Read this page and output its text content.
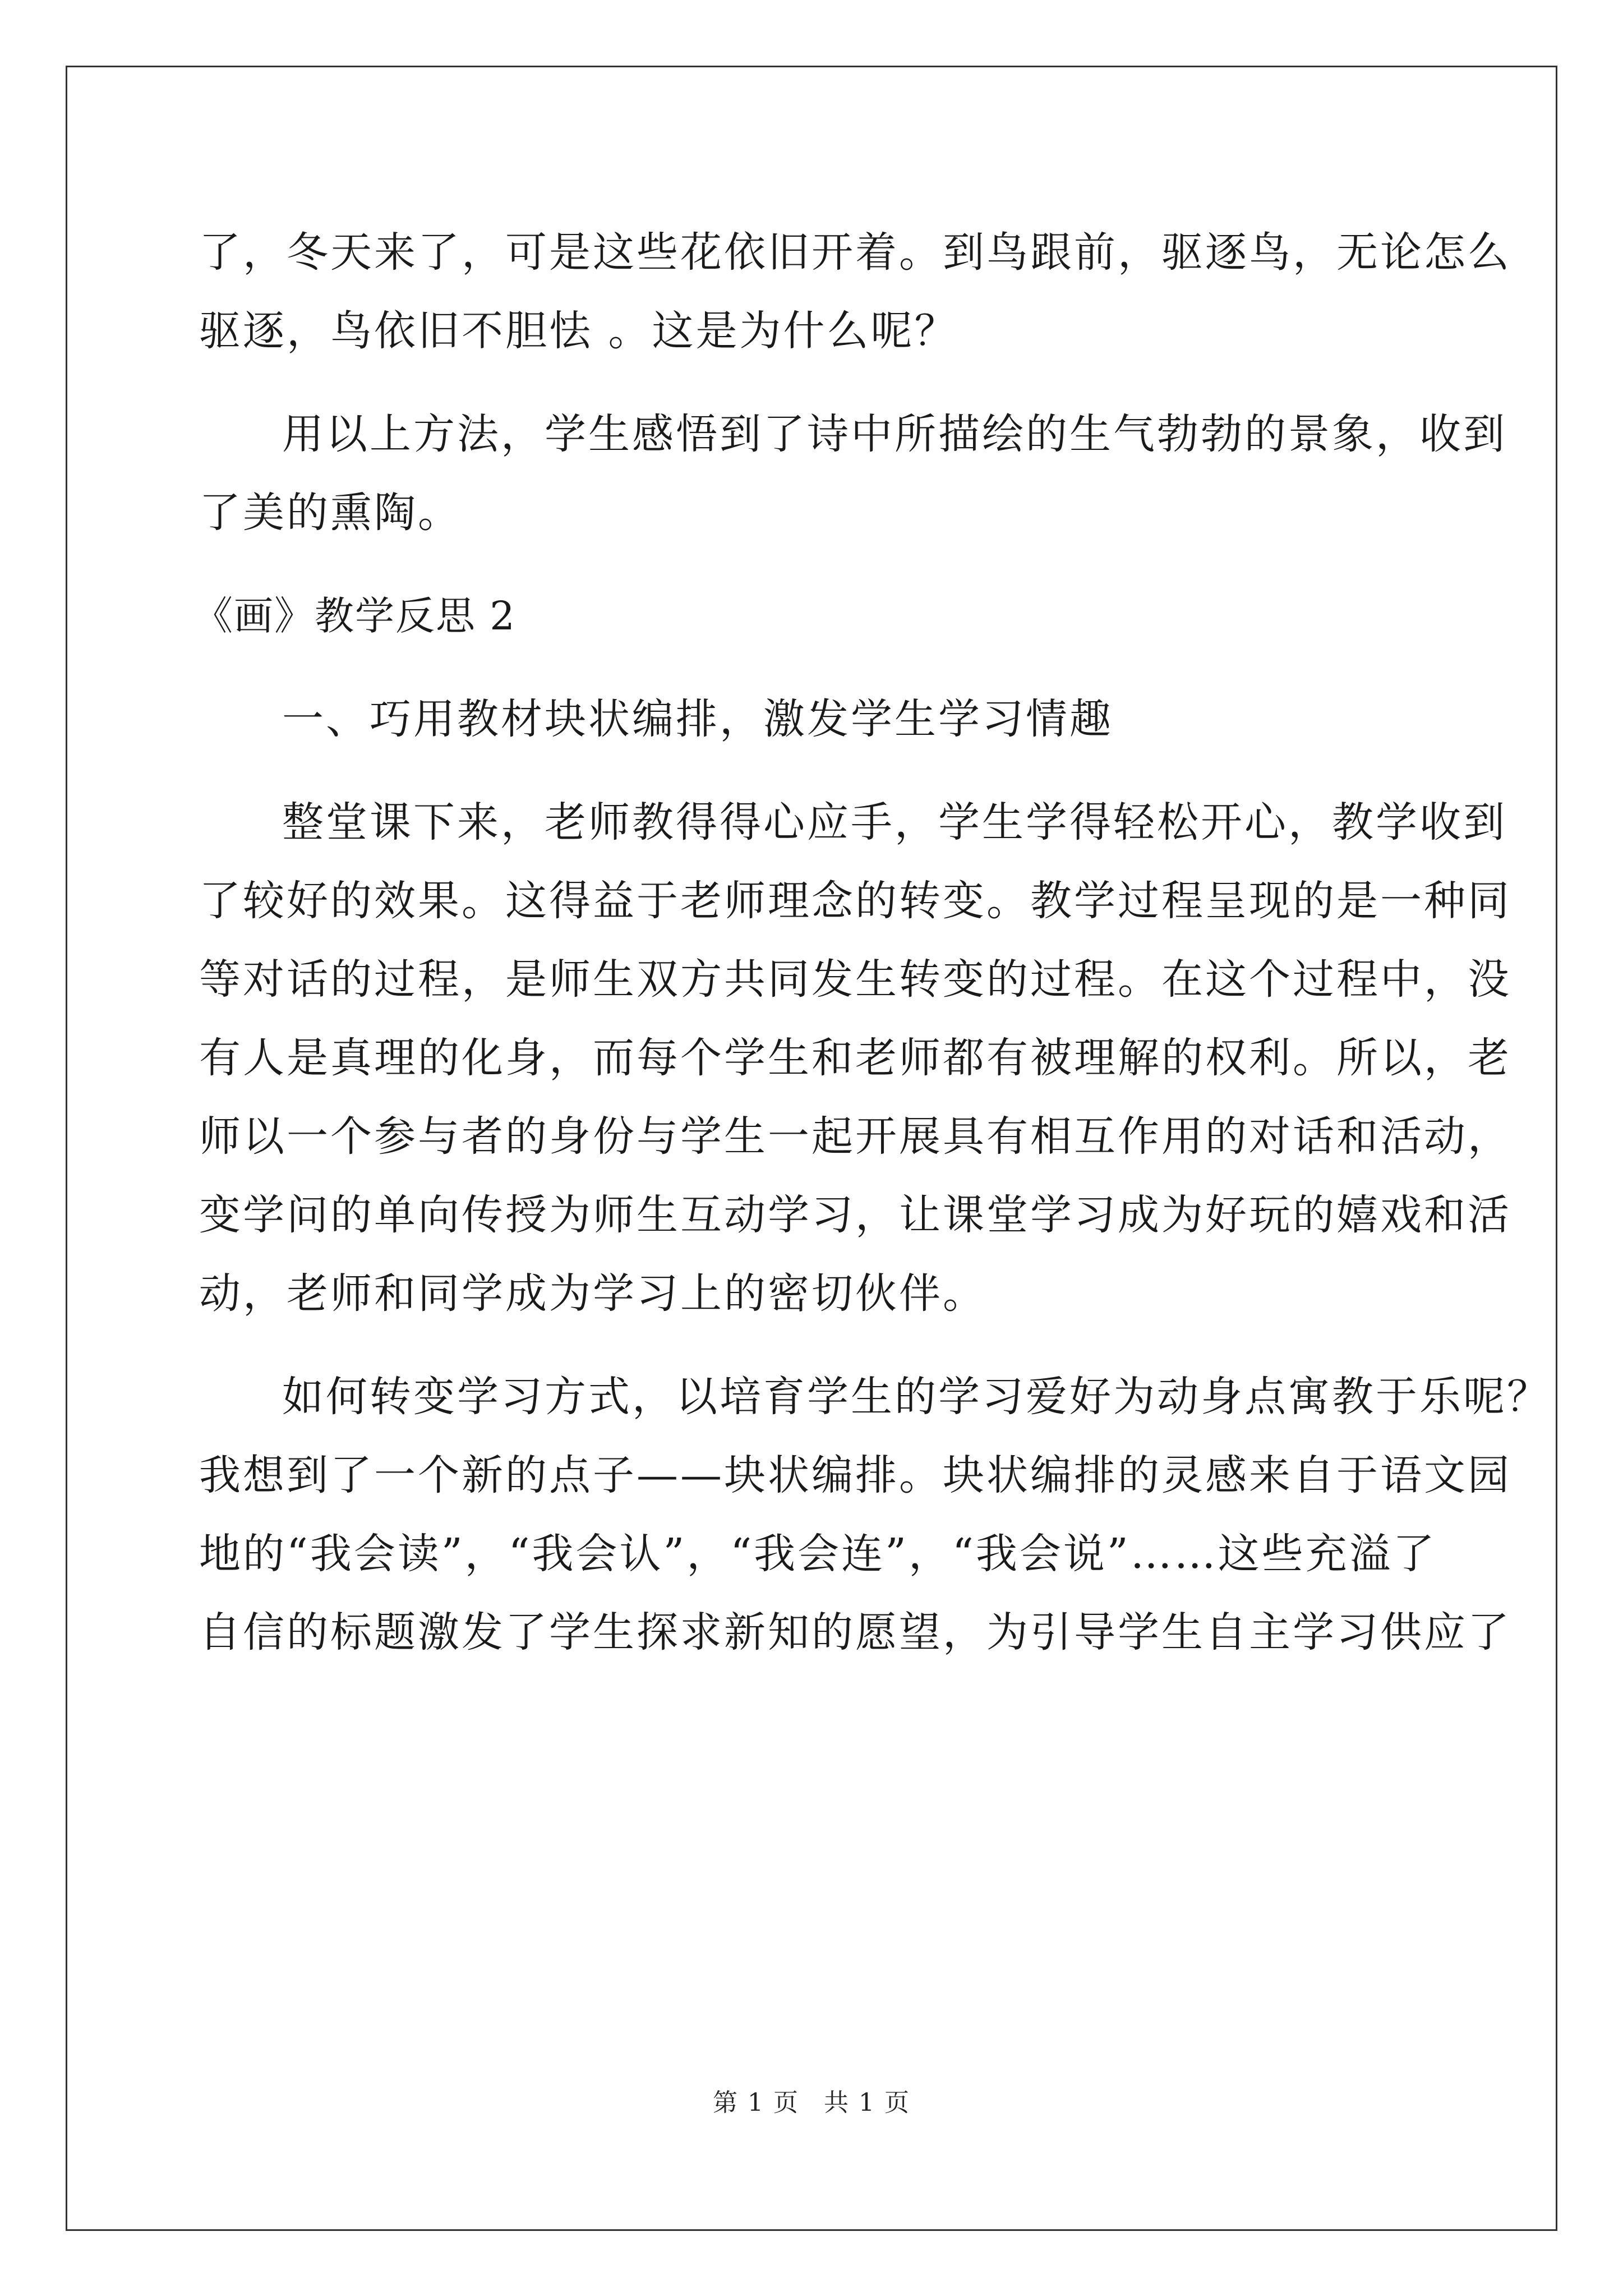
了，冬天来了，可是这些花依旧开着。到鸟跟前，驱逐鸟，无论怎么
驱逐，鸟依旧不胆怯 。这是为什么呢？
用以上方法，学生感悟到了诗中所描绘的生气勃勃的景象，收到
了美的熏陶。
《画》教学反思 2
一、巧用教材块状编排，激发学生学习情趣
整堂课下来，老师教得得心应手，学生学得轻松开心，教学收到
了较好的效果。这得益于老师理念的转变。教学过程呈现的是一种同
等对话的过程，是师生双方共同发生转变的过程。在这个过程中，没
有人是真理的化身，而每个学生和老师都有被理解的权利。所以，老
师以一个参与者的身份与学生一起开展具有相互作用的对话和活动，
变学问的单向传授为师生互动学习，让课堂学习成为好玩的嬉戏和活
动，老师和同学成为学习上的密切伙伴。
如何转变学习方式，以培育学生的学习爱好为动身点寓教于乐呢？
我想到了一个新的点子——块状编排。块状编排的灵感来自于语文园
地的“我会读”，“我会认”，“我会连”，“我会说”……这些充溢了
自信的标题激发了学生探求新知的愿望，为引导学生自主学习供应了
第 1 页 共 1 页
